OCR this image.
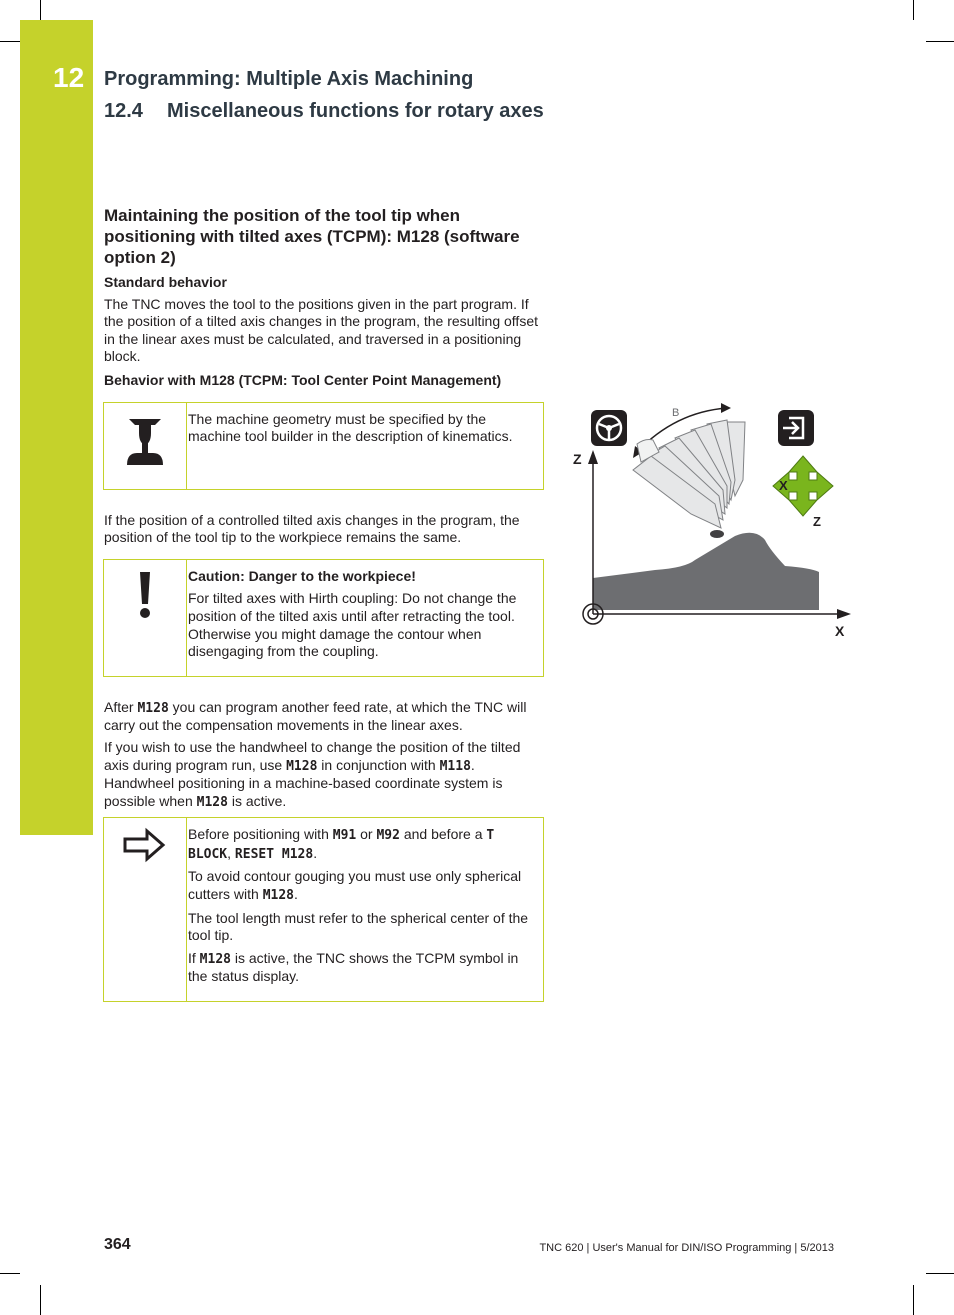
12 Programming: Multiple Axis Machining
12.4 Miscellaneous functions for rotary axes
Maintaining the position of the tool tip when positioning with tilted axes (TCPM): M128 (software option 2)
Standard behavior

The TNC moves the tool to the positions given in the part program. If the position of a tilted axis changes in the program, the resulting offset in the linear axes must be calculated, and traversed in a positioning block.

Behavior with M128 (TCPM: Tool Center Point Management)

The machine geometry must be specified by the machine tool builder in the description of kinematics.

If the position of a controlled tilted axis changes in the program, the position of the tool tip to the workpiece remains the same.

Caution: Danger to the workpiece!

For tilted axes with Hirth coupling: Do not change the position of the tilted axis until after retracting the tool. Otherwise you might damage the contour when disengaging from the coupling.

After M128 you can program another feed rate, at which the TNC will carry out the compensation movements in the linear axes.

If you wish to use the handwheel to change the position of the tilted axis during program run, use M128 in conjunction with M118. Handwheel positioning in a machine-based coordinate system is possible when M128 is active.

Before positioning with M91 or M92 and before a T BLOCK, RESET M128.

To avoid contour gouging you must use only spherical cutters with M128.

The tool length must refer to the spherical center of the tool tip.

If M128 is active, the TNC shows the TCPM symbol in the status display.

Z
X
B
X
Z
364	TNC 620 | User's Manual for DIN/ISO Programming | 5/2013
